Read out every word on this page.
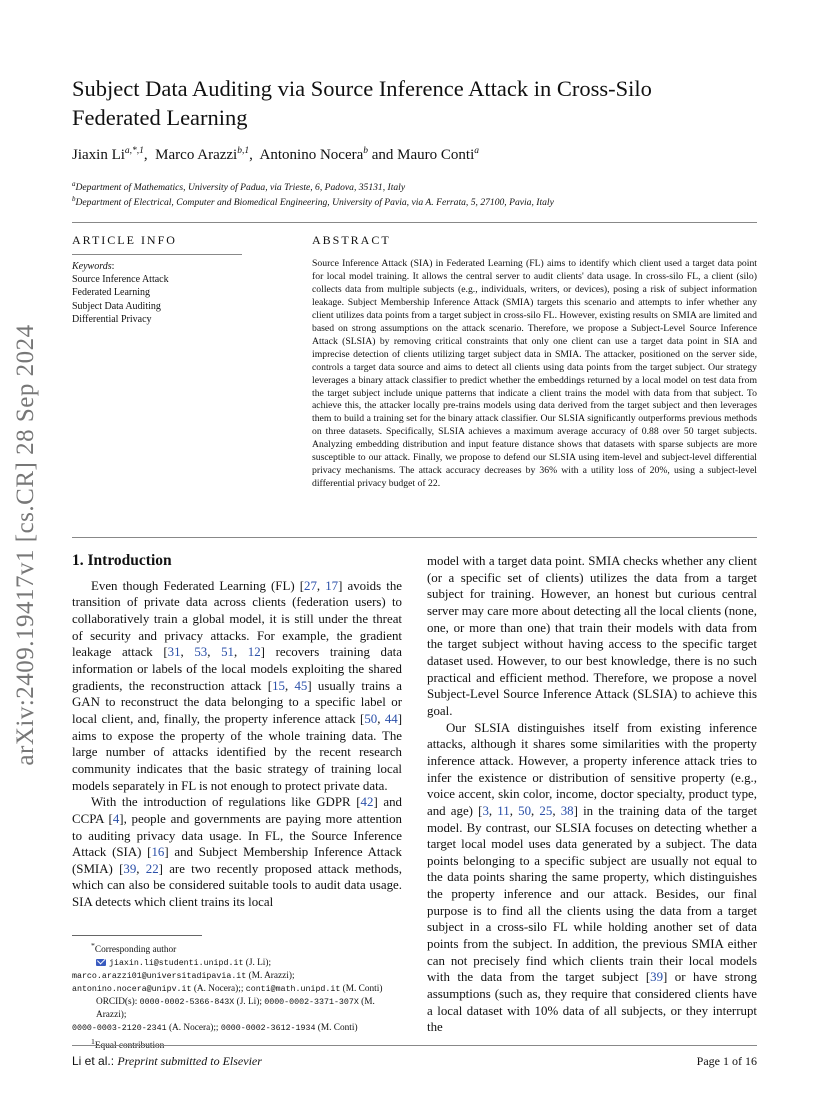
arXiv:2409.19417v1 [cs.CR] 28 Sep 2024
Subject Data Auditing via Source Inference Attack in Cross-Silo
Federated Learning
Jiaxin $Li^{a,*,1}$,  Marco Arazzi$^{b,1}$,  Antonino Nocera$^b$ and Mauro Conti$^a$
$^a$Department of Mathematics, University of Padua, via Trieste, 6, Padova, 35131, Italy
$^b$Department of Electrical, Computer and Biomedical Engineering, University of Pavia, via A. Ferrata, 5, 27100, Pavia, Italy
ARTICLE INFO	ABSTRACT
Keywords:
Source Inference Attack
Federated Learning
Subject Data Auditing
Differential Privacy
Source Inference Attack (SIA) in Federated Learning (FL) aims to identify which client used a target data point for local model training. It allows the central server to audit clients' data usage. In cross-silo FL, a client (silo) collects data from multiple subjects (e.g., individuals, writers, or devices), posing a risk of subject information leakage. Subject Membership Inference Attack (SMIA) targets this scenario and attempts to infer whether any client utilizes data points from a target subject in cross-silo FL. However, existing results on SMIA are limited and based on strong assumptions on the attack scenario. Therefore, we propose a Subject-Level Source Inference Attack (SLSIA) by removing critical constraints that only one client can use a target data point in SIA and imprecise detection of clients utilizing target subject data in SMIA. The attacker, positioned on the server side, controls a target data source and aims to detect all clients using data points from the target subject. Our strategy leverages a binary attack classifier to predict whether the embeddings returned by a local model on test data from the target subject include unique patterns that indicate a client trains the model with data from that subject. To achieve this, the attacker locally pre-trains models using data derived from the target subject and then leverages them to build a training set for the binary attack classifier. Our SLSIA significantly outperforms previous methods on three datasets. Specifically, SLSIA achieves a maximum average accuracy of 0.88 over 50 target subjects. Analyzing embedding distribution and input feature distance shows that datasets with sparse subjects are more susceptible to our attack. Finally, we propose to defend our SLSIA using item-level and subject-level differential privacy mechanisms. The attack accuracy decreases by 36% with a utility loss of 20%, using a subject-level differential privacy budget of 22.
1. Introduction

Even though Federated Learning (FL) [27, 17] avoids the transition of private data across clients (federation users) to collaboratively train a global model, it is still under the threat of security and privacy attacks. For example, the gradient leakage attack [31, 53, 51, 12] recovers training data information or labels of the local models exploiting the shared gradients, the reconstruction attack [15, 45] usually trains a GAN to reconstruct the data belonging to a specific label or local client, and, finally, the property inference attack [50, 44] aims to expose the property of the whole training data. The large number of attacks identified by the recent research community indicates that the basic strategy of training local models separately in FL is not enough to protect private data.

With the introduction of regulations like GDPR [42] and CCPA [4], people and governments are paying more attention to auditing privacy data usage. In FL, the Source Inference Attack (SIA) [16] and Subject Membership Inference Attack (SMIA) [39, 22] are two recently proposed attack methods, which can also be considered suitable tools to audit data usage. SIA detects which client trains its local

model with a target data point. SMIA checks whether any client (or a specific set of clients) utilizes the data from a target subject for training. However, an honest but curious central server may care more about detecting all the local clients (none, one, or more than one) that train their models with data from the target subject without having access to the specific target dataset used. However, to our best knowledge, there is no such practical and efficient method. Therefore, we propose a novel Subject-Level Source Inference Attack (SLSIA) to achieve this goal.

Our SLSIA distinguishes itself from existing inference attacks, although it shares some similarities with the property inference attack. However, a property inference attack tries to infer the existence or distribution of sensitive property (e.g., voice accent, skin color, income, doctor specialty, product type, and age) [3, 11, 50, 25, 38] in the training data of the target model. By contrast, our SLSIA focuses on detecting whether a target local model uses data generated by a subject. The data points belonging to a specific subject are usually not equal to the data points sharing the same property, which distinguishes the property inference and our attack. Besides, our final purpose is to find all the clients using the data from a target subject in a cross-silo FL while holding another set of data points from the subject. In addition, the previous SMIA either can not precisely find which clients train their local models with the data from the target subject [39] or have strong assumptions (such as, they require that considered clients have a local dataset with 10% data of all subjects, or they interrupt the

*Corresponding author
jiaxin.li@studenti.unipd.it (J. Li);
marco.arazzi01@universitadipavia.it (M. Arazzi);
antonino.nocera@unipv.it (A. Nocera);; conti@math.unipd.it (M. Conti)
ORCID(s): 0000-0002-5366-843X (J. Li); 0000-0002-3371-307X (M. Arazzi);
0000-0003-2120-2341 (A. Nocera);; 0000-0002-3612-1934 (M. Conti)
$^1$Equal contribution
Li et al.: Preprint submitted to Elsevier	Page 1 of 16
